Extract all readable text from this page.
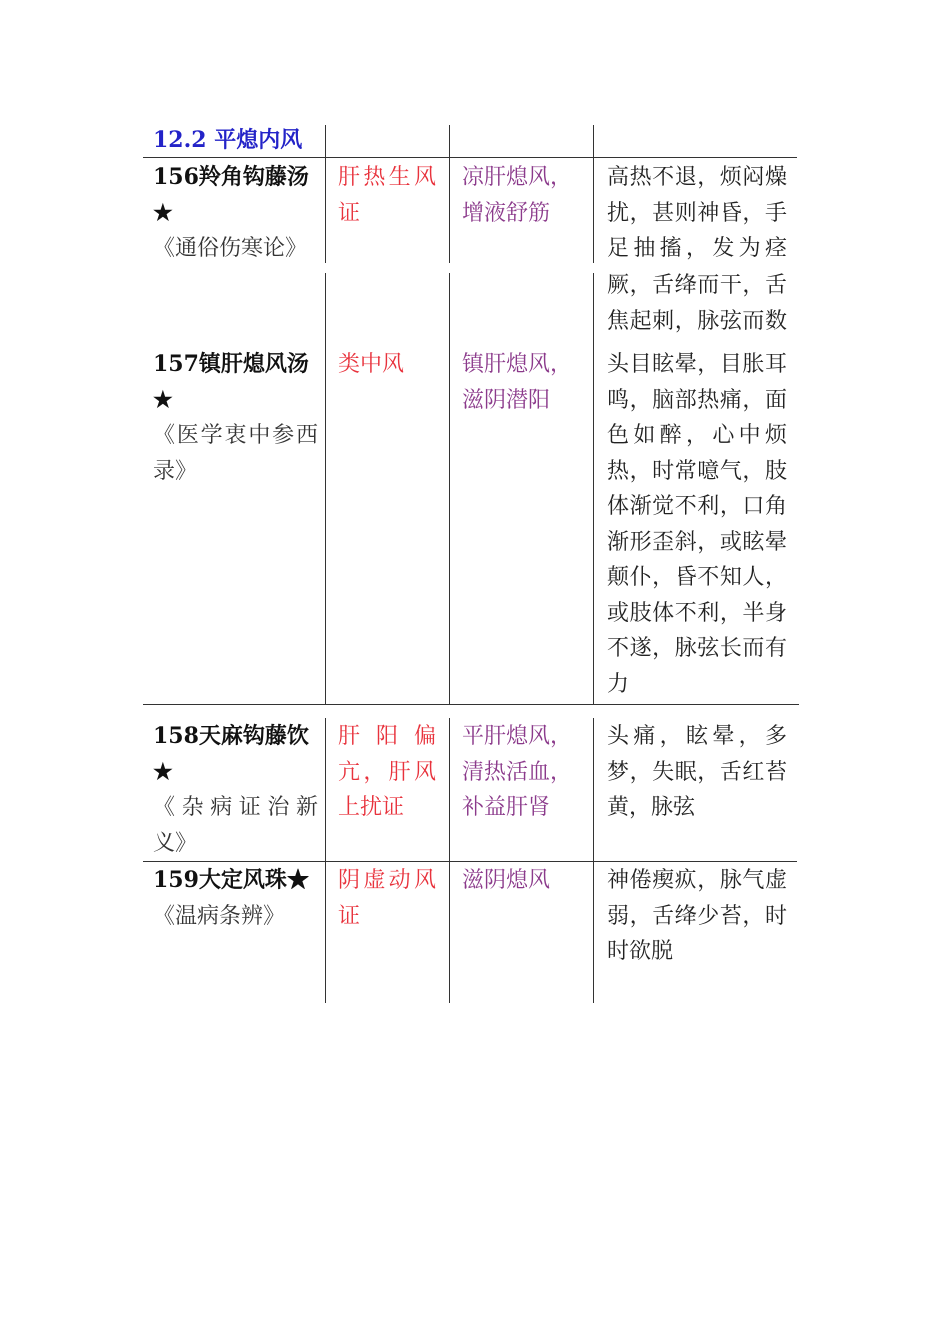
12.2 平熄内风
156羚角钩藤汤
★
《通俗伤寒论》
肝热生风证
凉肝熄风，增液舒筋
高热不退，烦闷燥扰，甚则神昏，手足抽搐，发为痉
厥，舌绛而干，舌焦起刺，脉弦而数
157镇肝熄风汤
★
《医学衷中参西录》
类中风	镇肝熄风，滋阴潜阳
头目眩晕，目胀耳鸣，脑部热痛，面色如醉，心中烦热，时常噫气，肢体渐觉不利，口角渐形歪斜，或眩晕颠仆，昏不知人，或肢体不利，半身不遂，脉弦长而有力
158天麻钩藤饮
★
《杂病证治新义》
肝阳偏亢，肝风上扰证
平肝熄风，清热活血，补益肝肾
头痛，眩晕，多梦，失眠，舌红苔黄，脉弦
159大定风珠★
《温病条辨》
阴虚动风证
滋阴熄风	神倦瘈疭，脉气虚弱，舌绛少苔，时时欲脱
